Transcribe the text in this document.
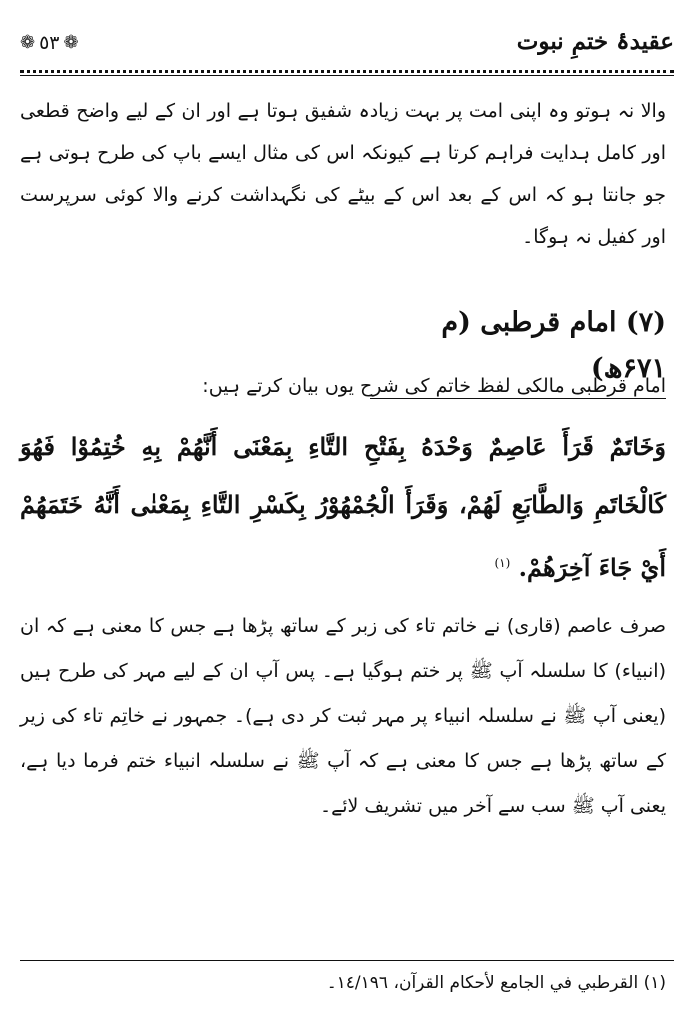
عقیدۂ ختمِ نبوت
❁ ٥٣ ❁
والا نہ ہوتو وہ اپنی امت پر بہت زیادہ شفیق ہوتا ہے اور ان کے لیے واضح قطعی اور کامل ہدایت فراہم کرتا ہے کیونکہ اس کی مثال ایسے باپ کی طرح ہوتی ہے جو جانتا ہو کہ اس کے بعد اس کے بیٹے کی نگہداشت کرنے والا کوئی سرپرست اور کفیل نہ ہوگا۔
(۷) امام قرطبی (م ۶۷۱ھ)
امام قرطبی مالکی لفظ خاتم کی شرح یوں بیان کرتے ہیں:
وَخَاتَمٌ قَرَأَ عَاصِمٌ وَحْدَهُ بِفَتْحِ التَّاءِ بِمَعْنَى أَنَّهُمْ بِهِ خُتِمُوْا فَهُوَ كَالْخَاتَمِ وَالطَّابَعِ لَهُمْ، وَقَرَأَ الْجُمْهُوْرُ بِكَسْرِ التَّاءِ بِمَعْنٰى أَنَّهُ خَتَمَهُمْ أَيْ جَاءَ آخِرَهُمْ. $^{(١)}$
صرف عاصم (قاری) نے خاتم تاء کی زبر کے ساتھ پڑھا ہے جس کا معنی ہے کہ ان (انبیاء) کا سلسلہ آپ ﷺ پر ختم ہوگیا ہے۔ پس آپ ان کے لیے مہر کی طرح ہیں (یعنی آپ ﷺ نے سلسلہ انبیاء پر مہر ثبت کر دی ہے)۔ جمہور نے خاتِم تاء کی زیر کے ساتھ پڑھا ہے جس کا معنی ہے کہ آپ ﷺ نے سلسلہ انبیاء ختم فرما دیا ہے، یعنی آپ ﷺ سب سے آخر میں تشریف لائے۔
(١) القرطبي في الجامع لأحكام القرآن، ١٤/١٩٦۔
